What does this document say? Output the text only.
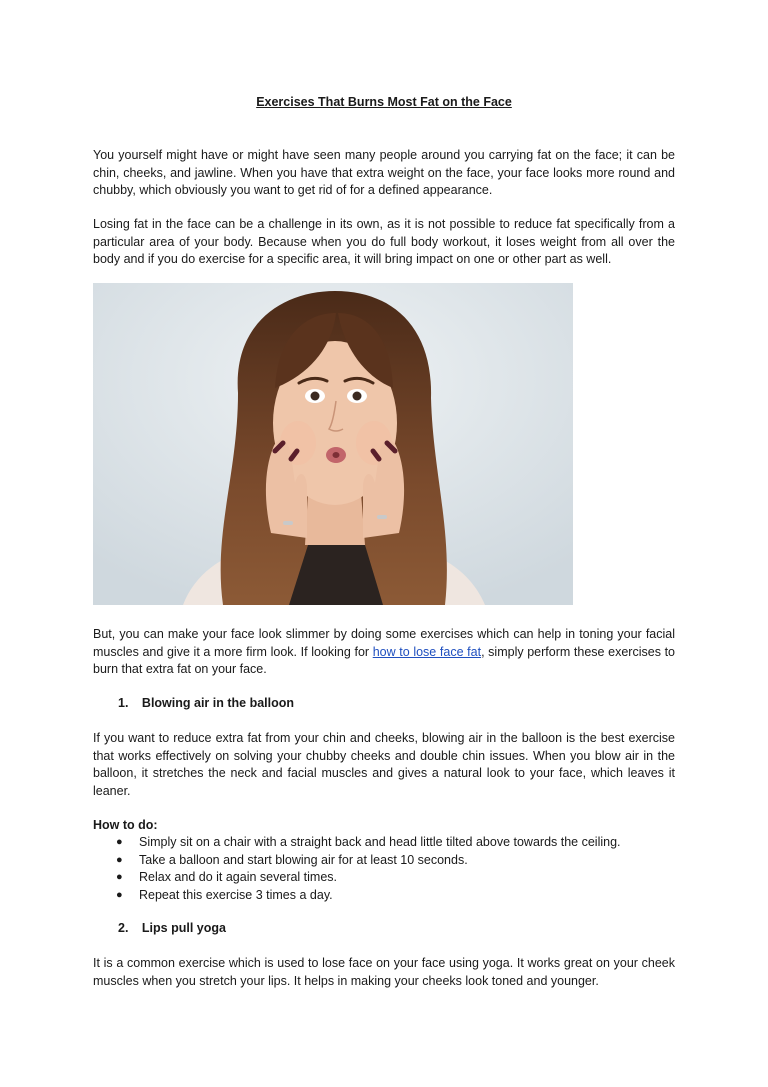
Exercises That Burns Most Fat on the Face

You yourself might have or might have seen many people around you carrying fat on the face; it can be chin, cheeks, and jawline. When you have that extra weight on the face, your face looks more round and chubby, which obviously you want to get rid of for a defined appearance.

Losing fat in the face can be a challenge in its own, as it is not possible to reduce fat specifically from a particular area of your body. Because when you do full body workout, it loses weight from all over the body and if you do exercise for a specific area, it will bring impact on one or other part as well.

But, you can make your face look slimmer by doing some exercises which can help in toning your facial muscles and give it a more firm look. If looking for how to lose face fat, simply perform these exercises to burn that extra fat on your face.

1. Blowing air in the balloon

If you want to reduce extra fat from your chin and cheeks, blowing air in the balloon is the best exercise that works effectively on solving your chubby cheeks and double chin issues. When you blow air in the balloon, it stretches the neck and facial muscles and gives a natural look to your face, which leaves it leaner.

How to do:
● Simply sit on a chair with a straight back and head little tilted above towards the ceiling.
● Take a balloon and start blowing air for at least 10 seconds.
● Relax and do it again several times.
● Repeat this exercise 3 times a day.
2. Lips pull yoga

It is a common exercise which is used to lose face on your face using yoga. It works great on your cheek muscles when you stretch your lips. It helps in making your cheeks look toned and younger.
